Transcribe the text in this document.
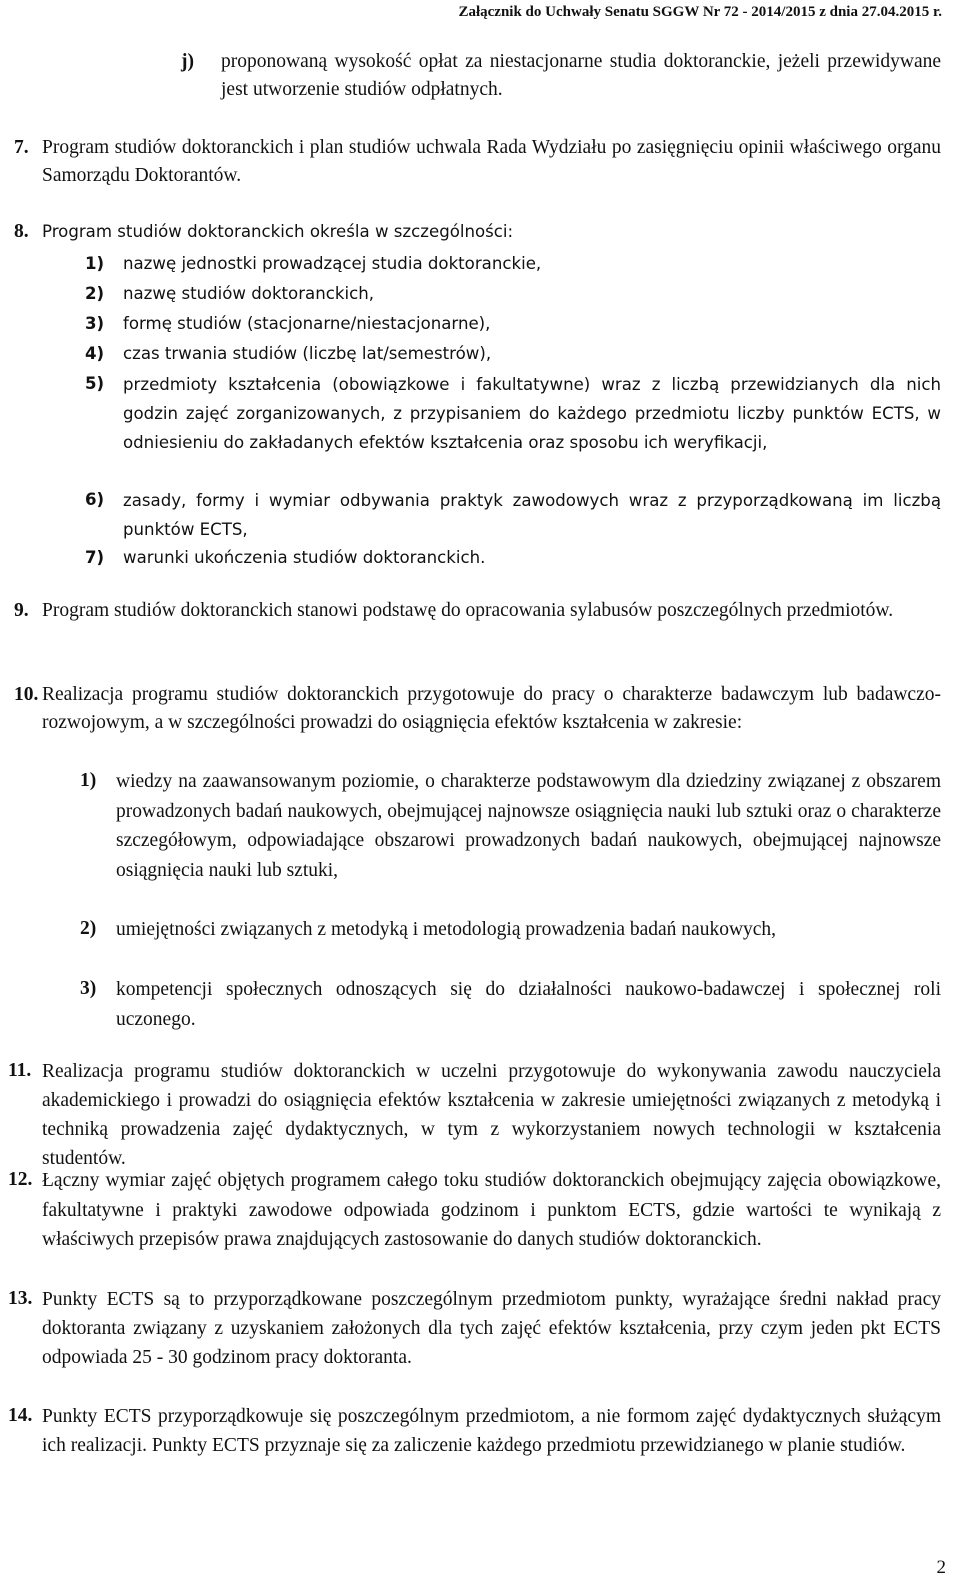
Załącznik do Uchwały Senatu SGGW Nr 72 - 2014/2015 z dnia 27.04.2015 r.
j)	proponowaną wysokość opłat za niestacjonarne studia doktoranckie, jeżeli przewidywane jest utworzenie studiów odpłatnych.
7. Program studiów doktoranckich i plan studiów uchwala Rada Wydziału po zasięgnięciu opinii właściwego organu Samorządu Doktorantów.
8. Program studiów doktoranckich określa w szczególności:
1)	nazwę jednostki prowadzącej studia doktoranckie,
2)	nazwę studiów doktoranckich,
3)	formę studiów (stacjonarne/niestacjonarne),
4)	czas trwania studiów (liczbę lat/semestrów),
5)	przedmioty kształcenia (obowiązkowe i fakultatywne) wraz z liczbą przewidzianych dla nich godzin zajęć zorganizowanych, z przypisaniem do każdego przedmiotu liczby punktów ECTS, w odniesieniu do zakładanych efektów kształcenia oraz sposobu ich weryfikacji,
6)	zasady, formy i wymiar odbywania praktyk zawodowych wraz z przyporządkowaną im liczbą punktów ECTS,
7)	warunki ukończenia studiów doktoranckich.
9. Program studiów doktoranckich stanowi podstawę do opracowania sylabusów poszczególnych przedmiotów.
10. Realizacja programu studiów doktoranckich przygotowuje do pracy o charakterze badawczym lub badawczo-rozwojowym, a w szczególności prowadzi do osiągnięcia efektów kształcenia w zakresie:
1)	wiedzy na zaawansowanym poziomie, o charakterze podstawowym dla dziedziny związanej z obszarem prowadzonych badań naukowych, obejmującej najnowsze osiągnięcia nauki lub sztuki oraz o charakterze szczegółowym, odpowiadające obszarowi prowadzonych badań naukowych, obejmującej najnowsze osiągnięcia nauki lub sztuki,
2)	umiejętności związanych z metodyką i metodologią prowadzenia badań naukowych,
3)	kompetencji społecznych odnoszących się do działalności naukowo-badawczej i społecznej roli uczonego.
11. Realizacja programu studiów doktoranckich w uczelni przygotowuje do wykonywania zawodu nauczyciela akademickiego i prowadzi do osiągnięcia efektów kształcenia w zakresie umiejętności związanych z metodyką i techniką prowadzenia zajęć dydaktycznych, w tym z wykorzystaniem nowych technologii w kształcenia studentów.
12. Łączny wymiar zajęć objętych programem całego toku studiów doktoranckich obejmujący zajęcia obowiązkowe, fakultatywne i praktyki zawodowe odpowiada godzinom i punktom ECTS, gdzie wartości te wynikają z właściwych przepisów prawa znajdujących zastosowanie do danych studiów doktoranckich.
13. Punkty ECTS są to przyporządkowane poszczególnym przedmiotom punkty, wyrażające średni nakład pracy doktoranta związany z uzyskaniem założonych dla tych zajęć efektów kształcenia, przy czym jeden pkt ECTS odpowiada 25 - 30 godzinom pracy doktoranta.
14. Punkty ECTS przyporządkowuje się poszczególnym przedmiotom, a nie formom zajęć dydaktycznych służącym ich realizacji. Punkty ECTS przyznaje się za zaliczenie każdego przedmiotu przewidzianego w planie studiów.
2
